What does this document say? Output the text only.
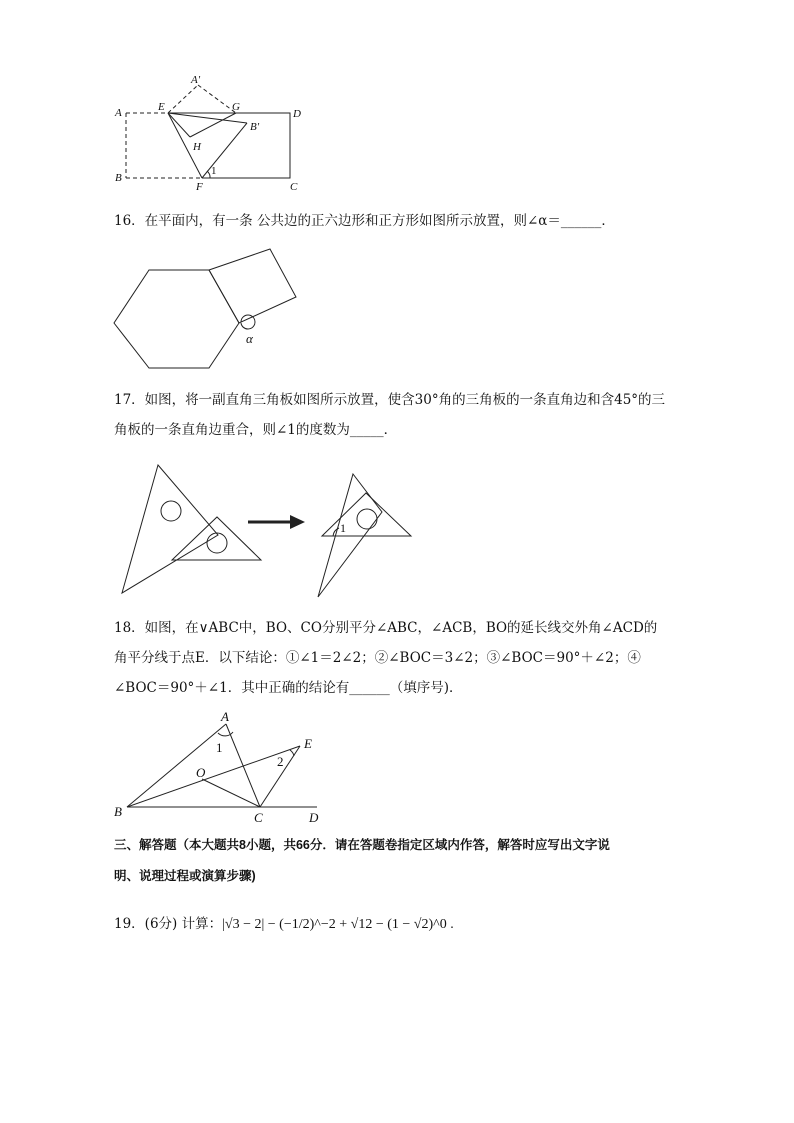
A'
A	E	G
D
B'
H
B
F
1
C
16．在平面内，有一条 公共边的正六边形和正方形如图所示放置，则∠α＝______．
α
17．如图，将一副直角三角板如图所示放置，使含30°角的三角板的一条直角边和含45°的三
角板的一条直角边重合，则∠1的度数为_____．
1
18．如图，在∨ABC中，BO、CO分别平分∠ABC，∠ACB，BO的延长线交外角∠ACD的
角平分线于点E．以下结论：①∠1＝2∠2；②∠BOC＝3∠2；③∠BOC＝90°＋∠2；④
∠BOC＝90°＋∠1．其中正确的结论有______（填序号)．
A
E
1
O
2
B	C	D
三、解答题（本大题共8小题，共66分．请在答题卷指定区域内作答，解答时应写出文字说
明、说理过程或演算步骤)
19．(6分) 计算：|√3 − 2| − (−1/2)^−2 + √12 − (1 − √2)^0 .
